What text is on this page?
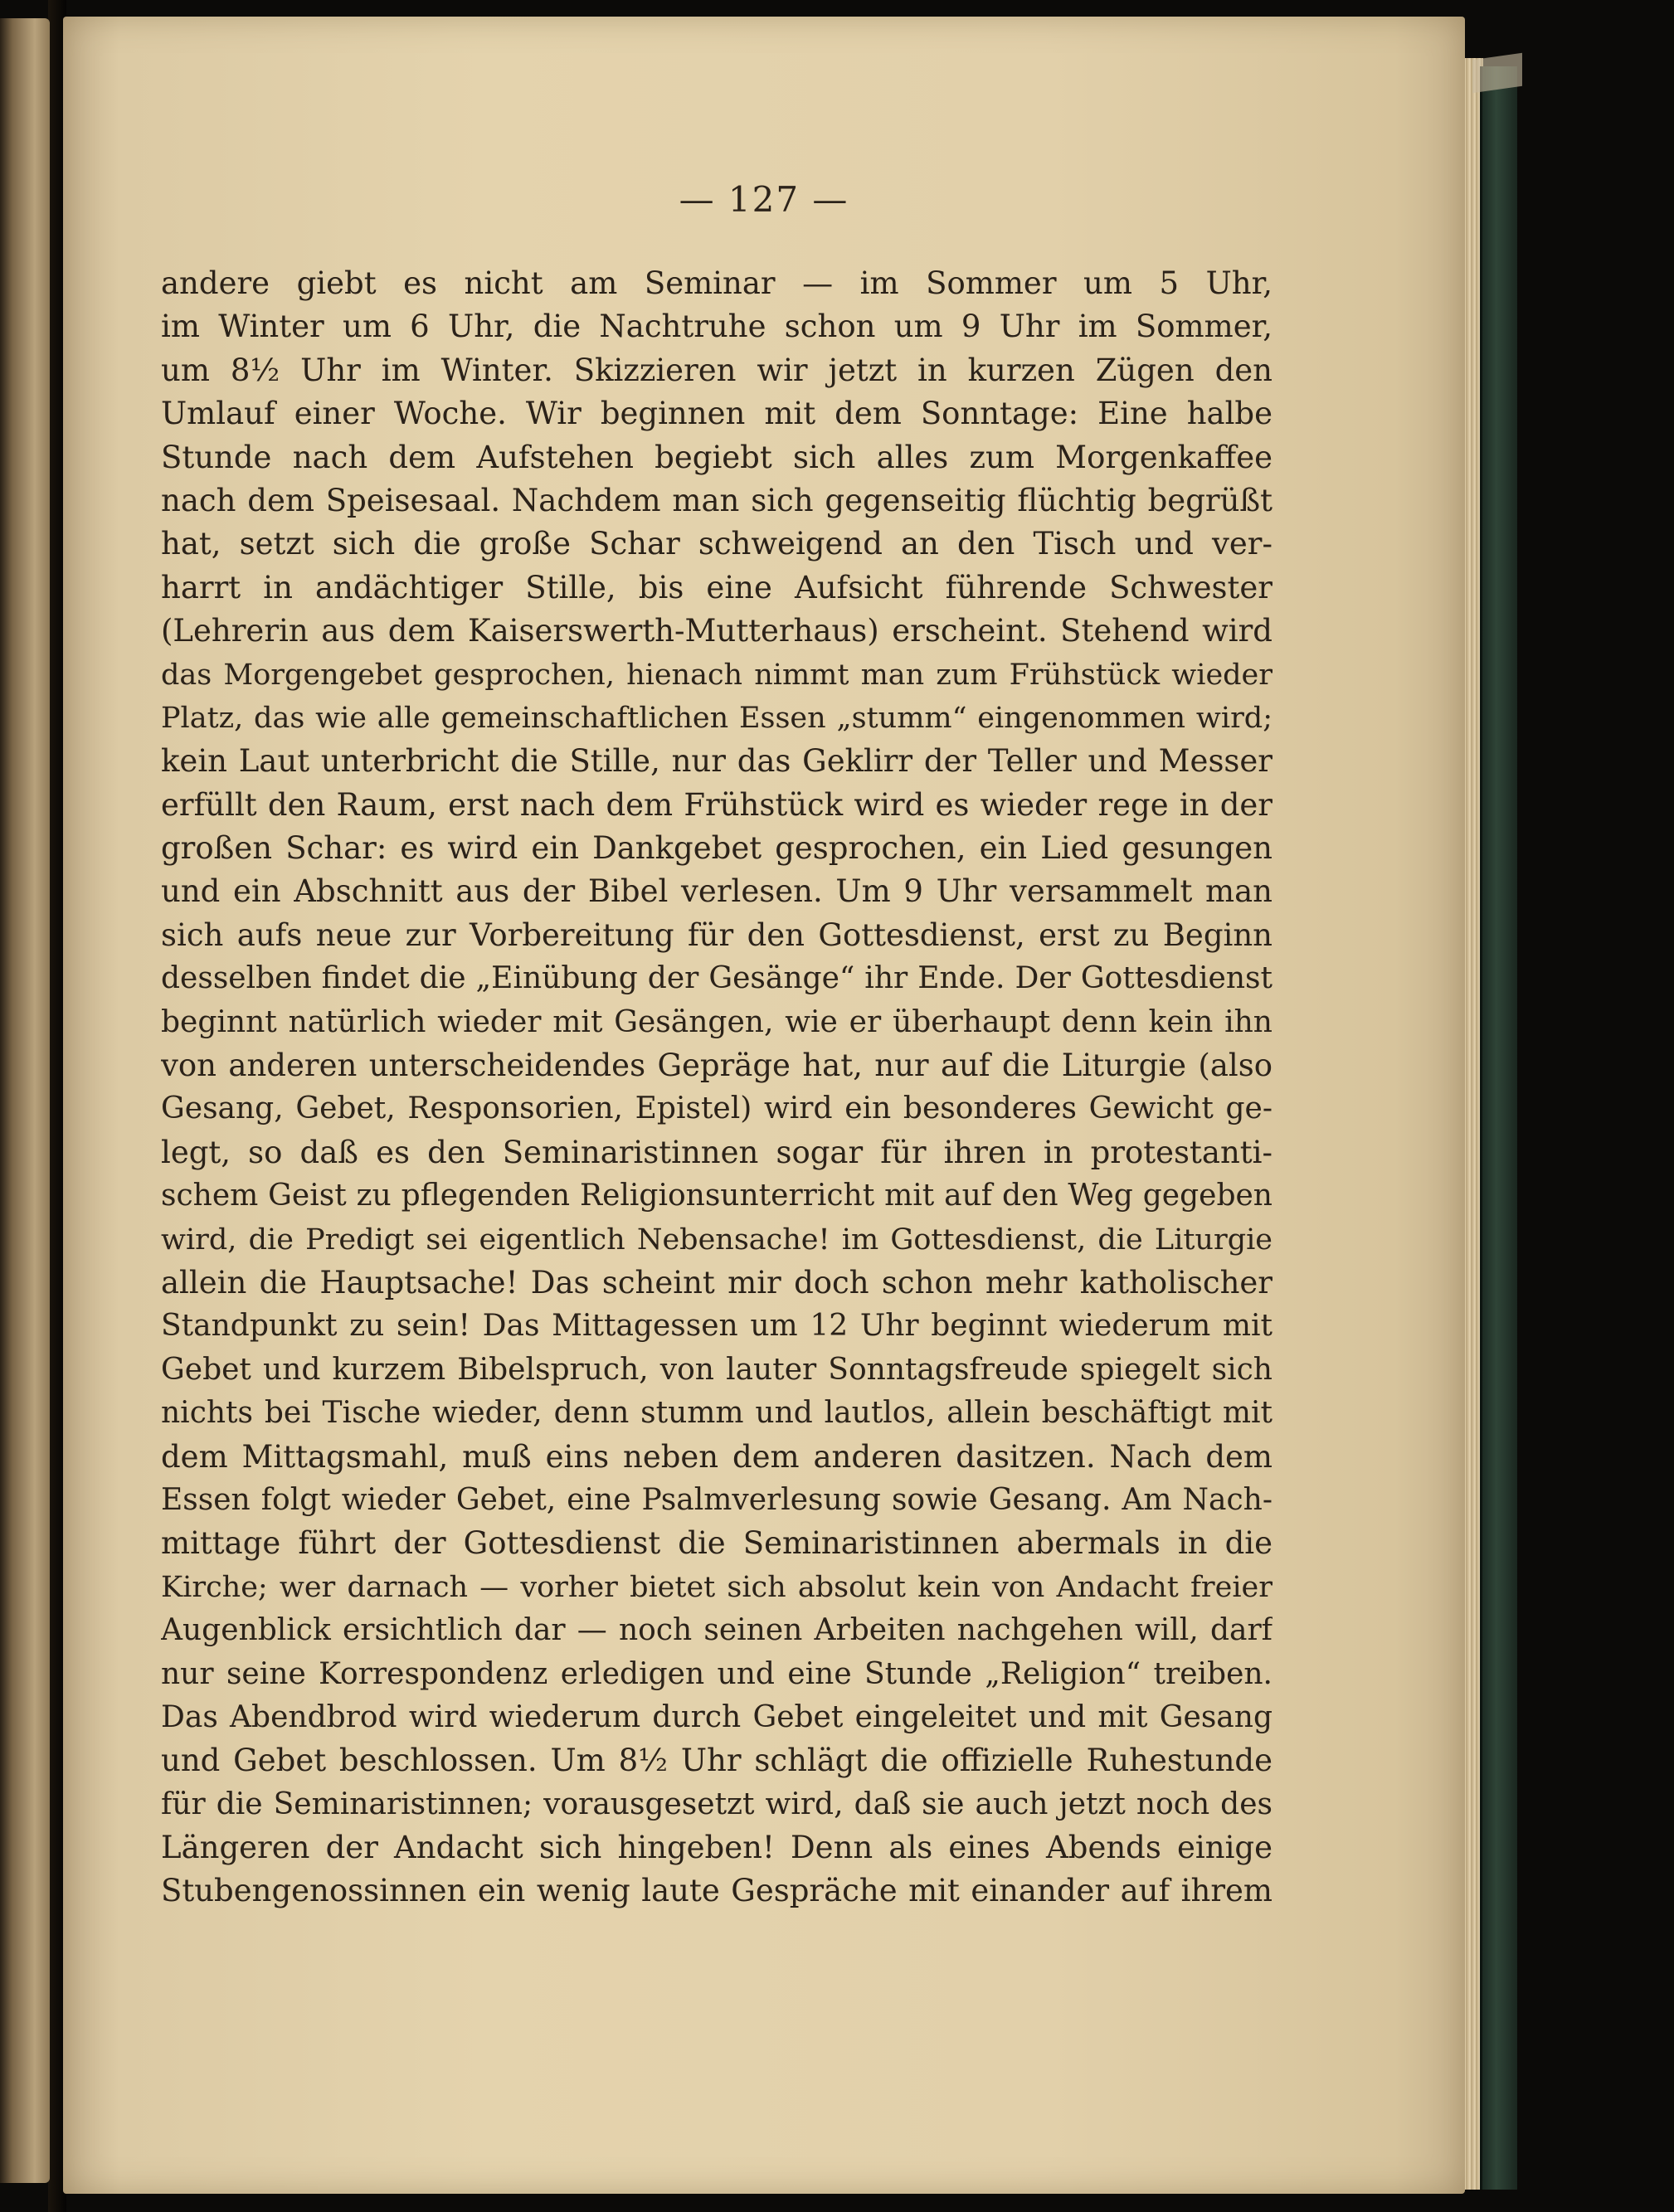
— 127 —
andere giebt es nicht am Seminar — im Sommer um 5 Uhr,
im Winter um 6 Uhr, die Nachtruhe schon um 9 Uhr im Sommer,
um 8½ Uhr im Winter. Skizzieren wir jetzt in kurzen Zügen den
Umlauf einer Woche. Wir beginnen mit dem Sonntage: Eine halbe
Stunde nach dem Aufstehen begiebt sich alles zum Morgenkaffee
nach dem Speisesaal. Nachdem man sich gegenseitig flüchtig begrüßt
hat, setzt sich die große Schar schweigend an den Tisch und ver-
harrt in andächtiger Stille, bis eine Aufsicht führende Schwester
(Lehrerin aus dem Kaiserswerth-Mutterhaus) erscheint. Stehend wird
das Morgengebet gesprochen, hienach nimmt man zum Frühstück wieder
Platz, das wie alle gemeinschaftlichen Essen „stumm“ eingenommen wird;
kein Laut unterbricht die Stille, nur das Geklirr der Teller und Messer
erfüllt den Raum, erst nach dem Frühstück wird es wieder rege in der
großen Schar: es wird ein Dankgebet gesprochen, ein Lied gesungen
und ein Abschnitt aus der Bibel verlesen. Um 9 Uhr versammelt man
sich aufs neue zur Vorbereitung für den Gottesdienst, erst zu Beginn
desselben findet die „Einübung der Gesänge“ ihr Ende. Der Gottesdienst
beginnt natürlich wieder mit Gesängen, wie er überhaupt denn kein ihn
von anderen unterscheidendes Gepräge hat, nur auf die Liturgie (also
Gesang, Gebet, Responsorien, Epistel) wird ein besonderes Gewicht ge-
legt, so daß es den Seminaristinnen sogar für ihren in protestanti-
schem Geist zu pflegenden Religionsunterricht mit auf den Weg gegeben
wird, die Predigt sei eigentlich Nebensache! im Gottesdienst, die Liturgie
allein die Hauptsache! Das scheint mir doch schon mehr katholischer
Standpunkt zu sein! Das Mittagessen um 12 Uhr beginnt wiederum mit
Gebet und kurzem Bibelspruch, von lauter Sonntagsfreude spiegelt sich
nichts bei Tische wieder, denn stumm und lautlos, allein beschäftigt mit
dem Mittagsmahl, muß eins neben dem anderen dasitzen. Nach dem
Essen folgt wieder Gebet, eine Psalmverlesung sowie Gesang. Am Nach-
mittage führt der Gottesdienst die Seminaristinnen abermals in die
Kirche; wer darnach — vorher bietet sich absolut kein von Andacht freier
Augenblick ersichtlich dar — noch seinen Arbeiten nachgehen will, darf
nur seine Korrespondenz erledigen und eine Stunde „Religion“ treiben.
Das Abendbrod wird wiederum durch Gebet eingeleitet und mit Gesang
und Gebet beschlossen. Um 8½ Uhr schlägt die offizielle Ruhestunde
für die Seminaristinnen; vorausgesetzt wird, daß sie auch jetzt noch des
Längeren der Andacht sich hingeben! Denn als eines Abends einige
Stubengenossinnen ein wenig laute Gespräche mit einander auf ihrem
